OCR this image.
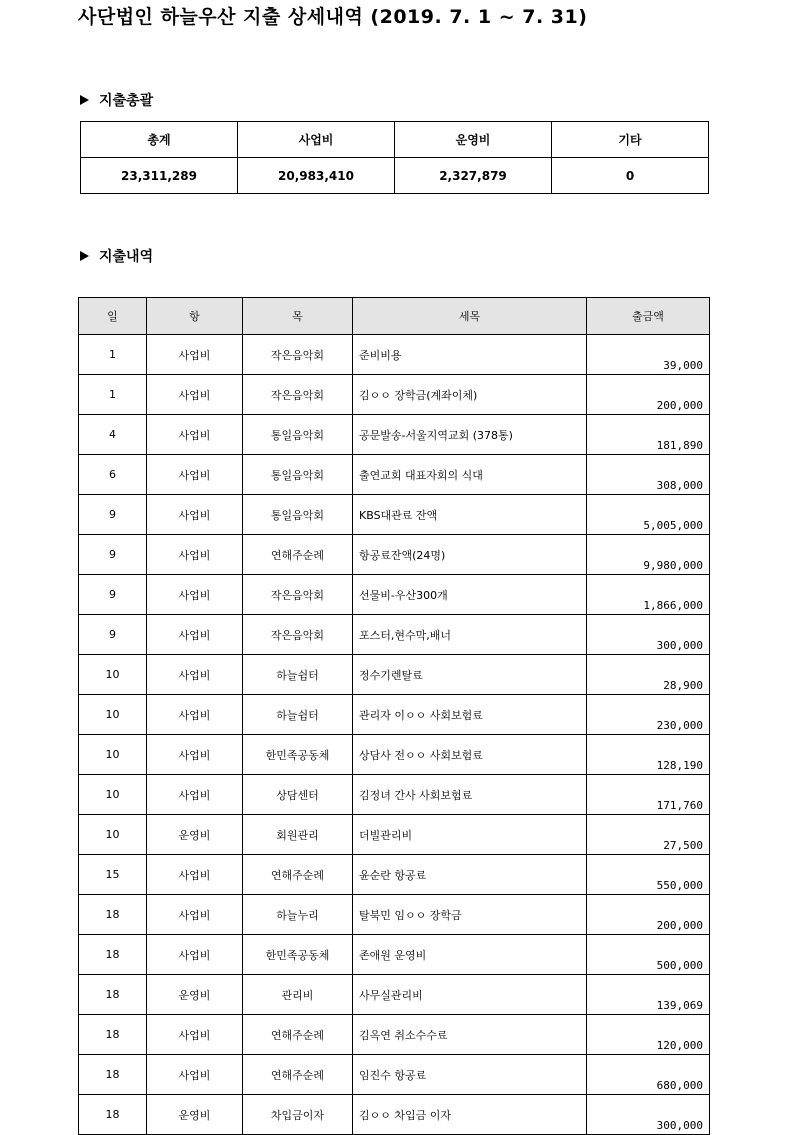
사단법인 하늘우산 지출 상세내역 (2019. 7. 1 ~ 7. 31)
지출총괄
총계	사업비	운영비	기타
23,311,289	20,983,410	2,327,879	0
지출내역
일	항	목	세목	출금액
1	사업비	작은음악회	준비비용	39,000
1	사업비	작은음악회	김ㅇㅇ 장학금(계좌이체)	200,000
4	사업비	통일음악회	공문발송-서울지역교회 (378통)	181,890
6	사업비	통일음악회	출연교회 대표자회의 식대	308,000
9	사업비	통일음악회	KBS대관료 잔액	5,005,000
9	사업비	연해주순례	항공료잔액(24명)	9,980,000
9	사업비	작은음악회	선물비-우산300개	1,866,000
9	사업비	작은음악회	포스터,현수막,배너	300,000
10	사업비	하늘쉼터	정수기렌탈료	28,900
10	사업비	하늘쉼터	관리자 이ㅇㅇ 사회보험료	230,000
10	사업비	한민족공동체	상담사 전ㅇㅇ 사회보험료	128,190
10	사업비	상담센터	김정녀 간사 사회보험료	171,760
10	운영비	회원관리	더빌관리비	27,500
15	사업비	연해주순례	윤순란 항공료	550,000
18	사업비	하늘누리	탈북민 임ㅇㅇ 장학금	200,000
18	사업비	한민족공동체	존애원 운영비	500,000
18	운영비	관리비	사무실관리비	139,069
18	사업비	연해주순례	김옥연 취소수수료	120,000
18	사업비	연해주순례	임진수 항공료	680,000
18	운영비	차입금이자	김ㅇㅇ 차입금 이자	300,000
